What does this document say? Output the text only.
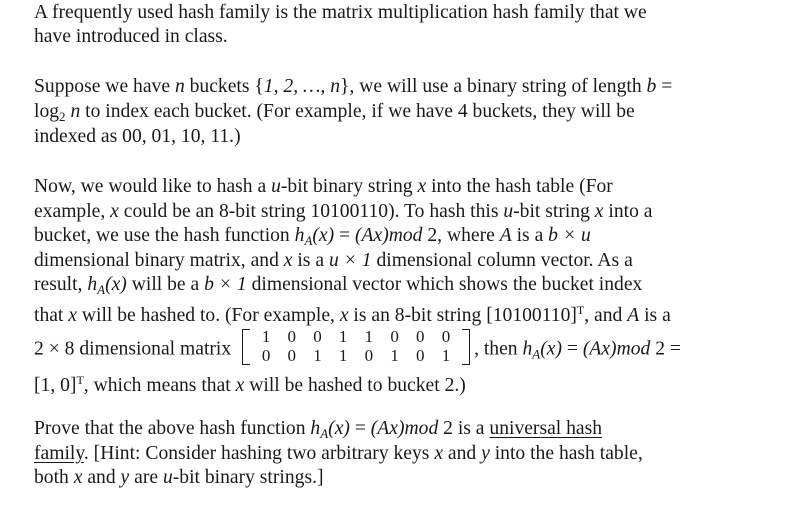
A frequently used hash family is the matrix multiplication hash family that we
have introduced in class.
Suppose we have n buckets {1, 2, …, n}, we will use a binary string of length b =
$\log_2 n$ to index each bucket. (For example, if we have 4 buckets, they will be
indexed as 00, 01, 10, 11.)
Now, we would like to hash a u-bit binary string x into the hash table (For
example, x could be an 8-bit string 10100110). To hash this u-bit string x into a
bucket, we use the hash function $h_A(x) = (Ax)mod$ 2, where A is a b × u
dimensional binary matrix, and x is a u × 1 dimensional column vector. As a
result, $h_A(x)$ will be a b × 1 dimensional vector which shows the bucket index
that x will be hashed to. (For example, x is an 8-bit string $[10100110]^T$, and A is a
2 × 8 dimensional matrix
1	0	0	1	1	0	0	0
0	0	1	1	0	1	0	1	, then $h_A(x) = (Ax)mod$ 2 =
[1, 0]$^T$, which means that x will be hashed to bucket 2.)
Prove that the above hash function $h_A(x) = (Ax)mod$ 2 is a universal hash
family. [Hint: Consider hashing two arbitrary keys x and y into the hash table,
both x and y are u-bit binary strings.]
